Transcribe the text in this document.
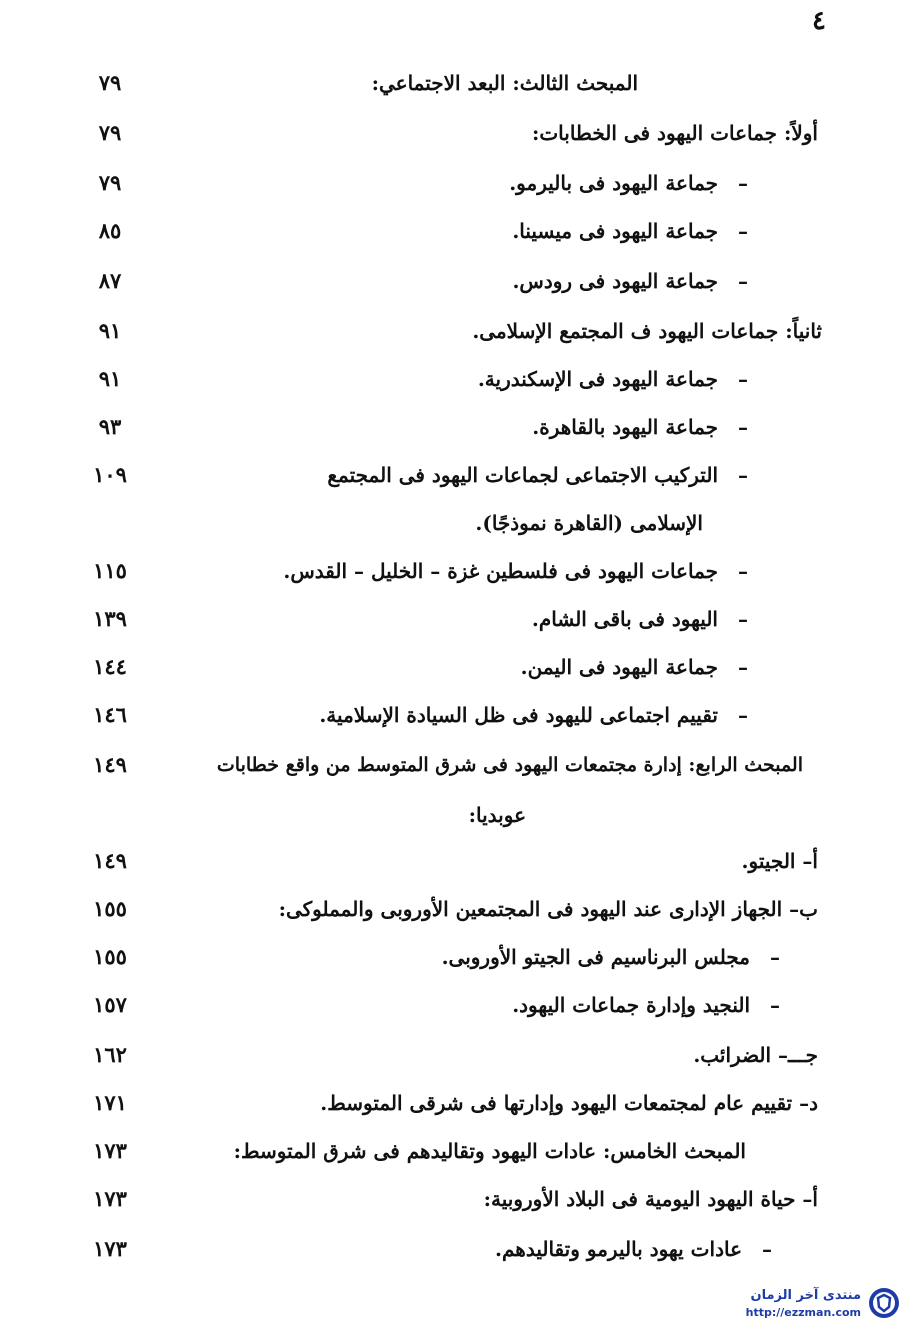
٤
٧٩	المبحث الثالث: البعد الاجتماعي:
٧٩	أولاً: جماعات اليهود فى الخطابات:
٧٩	–جماعة اليهود فى باليرمو.
٨٥	–جماعة اليهود فى ميسينا.
٨٧	–جماعة اليهود فى رودس.
٩١	ثانياً: جماعات اليهود ف المجتمع الإسلامى.
٩١	–جماعة اليهود فى الإسكندرية.
٩٣	–جماعة اليهود بالقاهرة.
١٠٩	–التركيب الاجتماعى لجماعات اليهود فى المجتمع
الإسلامى (القاهرة نموذجًا).
١١٥	–جماعات اليهود فى فلسطين غزة – الخليل – القدس.
١٣٩	–اليهود فى باقى الشام.
١٤٤	–جماعة اليهود فى اليمن.
١٤٦	–تقييم اجتماعى لليهود فى ظل السيادة الإسلامية.
١٤٩	المبحث الرابع: إدارة مجتمعات اليهود فى شرق المتوسط من واقع خطابات
عوبديا:
١٤٩	أ– الجيتو.
١٥٥	ب– الجهاز الإدارى عند اليهود فى المجتمعين الأوروبى والمملوكى:
١٥٥	–مجلس البرناسيم فى الجيتو الأوروبى.
١٥٧	–النجيد وإدارة جماعات اليهود.
١٦٢	جـــ– الضرائب.
١٧١	د– تقييم عام لمجتمعات اليهود وإدارتها فى شرقى المتوسط.
١٧٣	المبحث الخامس: عادات اليهود وتقاليدهم فى شرق المتوسط:
١٧٣	أ– حياة اليهود اليومية فى البلاد الأوروبية:
١٧٣	–عادات يهود باليرمو وتقاليدهم.
منتدى آخر الزمان
http://ezzman.com
